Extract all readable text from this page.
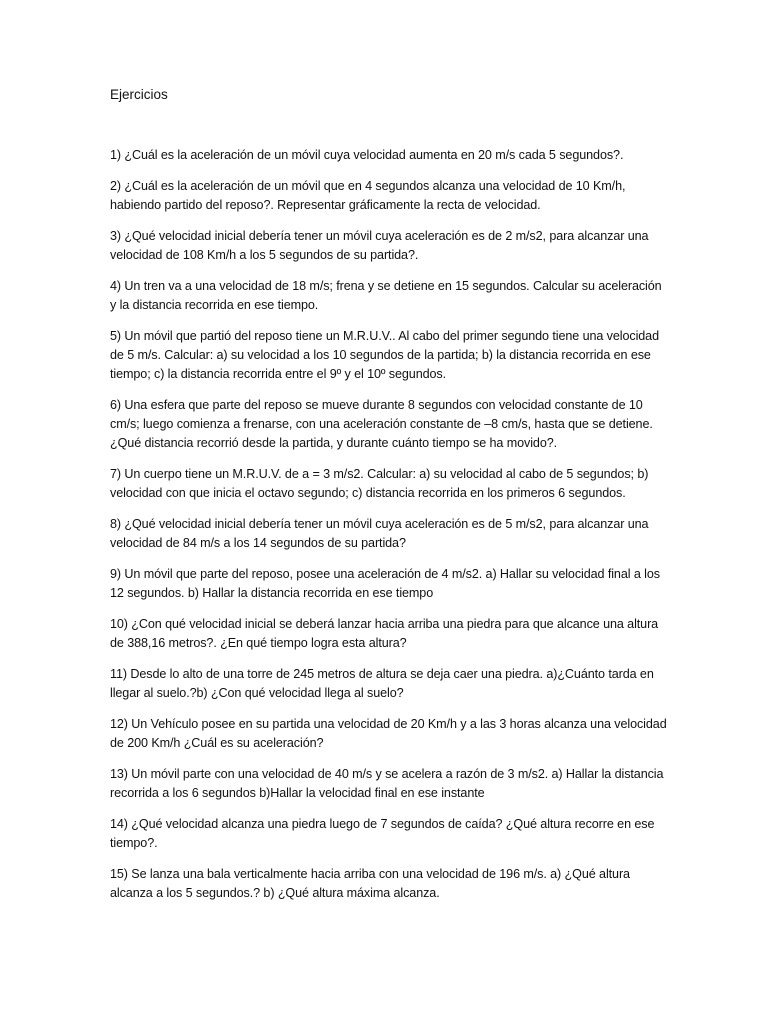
Ejercicios

1) ¿Cuál es la aceleración de un móvil cuya velocidad aumenta en 20 m/s cada 5 segundos?.

2) ¿Cuál es la aceleración de un móvil que en 4 segundos alcanza una velocidad de 10 Km/h, habiendo partido del reposo?. Representar gráficamente la recta de velocidad.

3) ¿Qué velocidad inicial debería tener un móvil cuya aceleración es de 2 m/s2, para alcanzar una velocidad de 108 Km/h a los 5 segundos de su partida?.

4) Un tren va a una velocidad de 18 m/s; frena y se detiene en 15 segundos. Calcular su aceleración y la distancia recorrida en ese tiempo.

5) Un móvil que partió del reposo tiene un M.R.U.V.. Al cabo del primer segundo tiene una velocidad de 5 m/s. Calcular: a) su velocidad a los 10 segundos de la partida; b) la distancia recorrida en ese tiempo; c) la distancia recorrida entre el 9º y el 10º segundos.

6) Una esfera que parte del reposo se mueve durante 8 segundos con velocidad constante de 10 cm/s; luego comienza a frenarse, con una aceleración constante de –8 cm/s, hasta que se detiene. ¿Qué distancia recorrió desde la partida, y durante cuánto tiempo se ha movido?.

7) Un cuerpo tiene un M.R.U.V. de a = 3 m/s2. Calcular: a) su velocidad al cabo de 5 segundos; b) velocidad con que inicia el octavo segundo; c) distancia recorrida en los primeros 6 segundos.

8) ¿Qué velocidad inicial debería tener un móvil cuya aceleración es de 5 m/s2, para alcanzar una velocidad de 84 m/s a los 14 segundos de su partida?

9) Un móvil que parte del reposo, posee una aceleración de 4 m/s2. a) Hallar su velocidad final a los 12 segundos. b) Hallar la distancia recorrida en ese tiempo

10) ¿Con qué velocidad inicial se deberá lanzar hacia arriba una piedra para que alcance una altura de 388,16 metros?. ¿En qué tiempo logra esta altura?

11) Desde lo alto de una torre de 245 metros de altura se deja caer una piedra. a)¿Cuánto tarda en llegar al suelo.?b) ¿Con qué velocidad llega al suelo?

12) Un Vehículo posee en su partida una velocidad de 20 Km/h y a las 3 horas alcanza una velocidad de 200 Km/h ¿Cuál es su aceleración?

13) Un móvil parte con una velocidad de 40 m/s y se acelera a razón de 3 m/s2. a) Hallar la distancia recorrida a los 6 segundos b)Hallar la velocidad final en ese instante

14) ¿Qué velocidad alcanza una piedra luego de 7 segundos de caída? ¿Qué altura recorre en ese tiempo?.

15) Se lanza una bala verticalmente hacia arriba con una velocidad de 196 m/s. a) ¿Qué altura alcanza a los 5 segundos.? b) ¿Qué altura máxima alcanza.
